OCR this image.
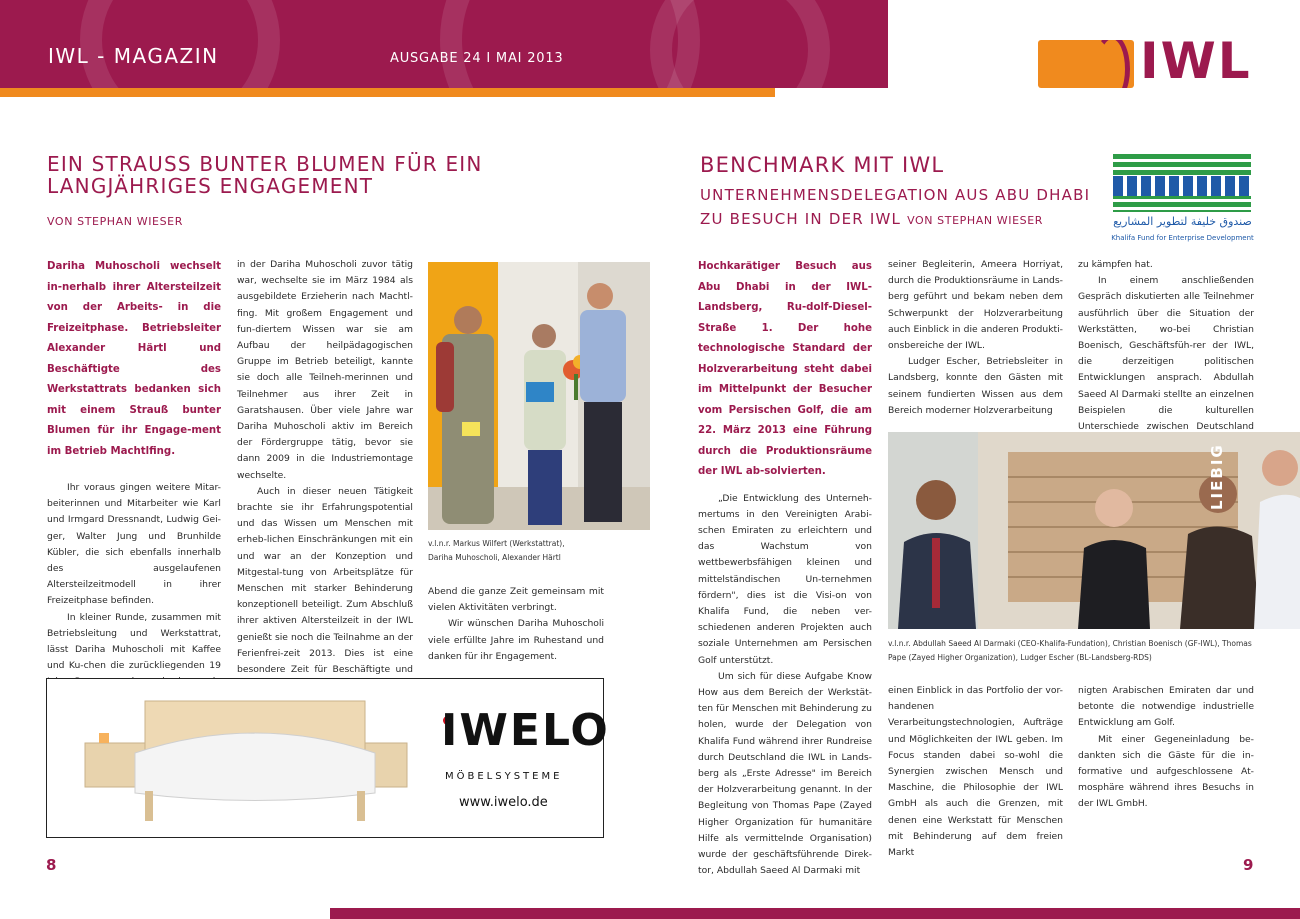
IWL - MAGAZIN	AUSGABE 24 I MAI 2013	IWL
EIN STRAUSS BUNTER BLUMEN FÜR EIN
LANGJÄHRIGES ENGAGEMENT
VON STEPHAN WIESER

Dariha Muhoscholi wechselt in-nerhalb ihrer Altersteilzeit von der Arbeits- in die Freizeitphase. Betriebsleiter Alexander Härtl und Beschäftigte des Werkstattrats bedanken sich mit einem Strauß bunter Blumen für ihr Engage-ment im Betrieb Machtlfing.

Ihr voraus gingen weitere Mitar-beiterinnen und Mitarbeiter wie Karl und Irmgard Dressnandt, Ludwig Gei-ger, Walter Jung und Brunhilde Kübler, die sich ebenfalls innerhalb des ausgelaufenen Altersteilzeitmodell in ihrer Freizeitphase befinden.

In kleiner Runde, zusammen mit Betriebsleitung und Werkstattrat, lässt Dariha Muhoscholi mit Kaffee und Ku-chen die zurückliegenden 19

in der Dariha Muhoscholi zuvor tätig war, wechselte sie im März 1984 als ausgebildete Erzieherin nach Machtl-fing. Mit großem Engagement und fun-diertem Wissen war sie am Aufbau der heilpädagogischen Gruppe im Betrieb beteiligt, kannte sie doch alle Teilneh-merinnen und Teilnehmer aus ihrer Zeit in Garatshausen. Über viele Jahre war Dariha Muhoscholi aktiv im Bereich der Fördergruppe tätig, bevor sie dann 2009 in die Industriemontage wechselte.

Auch in dieser neuen Tätigkeit brachte sie ihr Erfahrungspotential und das Wissen um Menschen mit erheb-lichen Einschränkungen mit ein und war an der Konzeption und Mitgestal-tung von Arbeitsplätze für Menschen mit starker Behinderung konzeptionell beteiligt. Zum Abschluß ihrer aktiven Altersteilzeit in der IWL genießt sie noch die Teilnahme an der Ferienfrei-zeit 2013. Dies ist eine besondere Zeit für Beschäftigte und

v.l.n.r. Markus Wilfert (Werkstattrat),
Dariha Muhoscholi, Alexander Härtl

Abend die ganze Zeit gemeinsam mit vielen Aktivitäten verbringt.

Wir wünschen Dariha Muhoscholi viele erfüllte Jahre im Ruhestand und danken für ihr Engagement.

IWELO
MÖBELSYSTEME
www.iwelo.de
BENCHMARK MIT IWL
UNTERNEHMENSDELEGATION AUS ABU DHABI
ZU BESUCH IN DER IWL VON STEPHAN WIESER	صندوق خليفة لتطوير المشاريع
Khalifa Fund for Enterprise Development

Hochkarätiger Besuch aus Abu Dhabi in der IWL-Landsberg, Ru-dolf-Diesel-Straße 1. Der hohe technologische Standard der Holzverarbeitung steht dabei im Mittelpunkt der Besucher vom Persischen Golf, die am 22. März 2013 eine Führung durch die Produktionsräume der IWL ab-solvierten.

„Die Entwicklung des Unterneh-mertums in den Vereinigten Arabi-schen Emiraten zu erleichtern und das Wachstum von wettbewerbsfähigen kleinen und mittelständischen Un-ternehmen fördern", dies ist die Visi-on von Khalifa Fund, die neben ver-schiedenen anderen Projekten auch soziale Unternehmen am Persischen Golf unterstützt.

Um sich für diese Aufgabe Know How aus dem Bereich der Werkstät-ten für Menschen mit Behinderung zu holen, wurde der Delegation von Khalifa Fund während ihrer Rundreise durch Deutschland die IWL in Lands-berg als „Erste Adresse" im Bereich der Holzverarbeitung genannt. In der Begleitung von Thomas Pape (Zayed Higher Organization für humanitäre Hilfe als vermittelnde Organisation) wurde der geschäftsführende Direk-tor, Abdullah Saeed Al Darmaki mit

seiner Begleiterin, Ameera Horriyat, durch die Produktionsräume in Lands-berg geführt und bekam neben dem Schwerpunkt der Holzverarbeitung auch Einblick in die anderen Produkti-onsbereiche der IWL.

Ludger Escher, Betriebsleiter in Landsberg, konnte den Gästen mit seinem fundierten Wissen aus dem Bereich moderner Holzverarbeitung

zu kämpfen hat.

In einem anschließenden Gespräch diskutierten alle Teilnehmer ausführlich über die Situation der Werkstätten, wo-bei Christian Boenisch, Geschäftsfüh-rer der IWL, die derzeitigen politischen Entwicklungen ansprach. Abdullah Saeed Al Darmaki stellte an einzelnen Beispielen die kulturellen Unterschiede zwischen Deutschland

LIEBIG
v.l.n.r. Abdullah Saeed Al Darmaki (CEO-Khalifa-Fundation), Christian Boenisch (GF-IWL), Thomas
Pape (Zayed Higher Organization), Ludger Escher (BL-Landsberg-RDS)

einen Einblick in das Portfolio der vor-handenen Verarbeitungstechnologien, Aufträge und Möglichkeiten der IWL geben. Im Focus standen dabei so-wohl die Synergien zwischen Mensch und Maschine, die Philosophie der IWL GmbH als auch die Grenzen, mit denen eine Werkstatt für Menschen mit Behinderung auf dem freien Markt

nigten Arabischen Emiraten dar und betonte die notwendige industrielle Entwicklung am Golf.

Mit einer Gegeneinladung be-dankten sich die Gäste für die in-formative und aufgeschlossene At-mosphäre während ihres Besuchs in der IWL GmbH.

8	9
